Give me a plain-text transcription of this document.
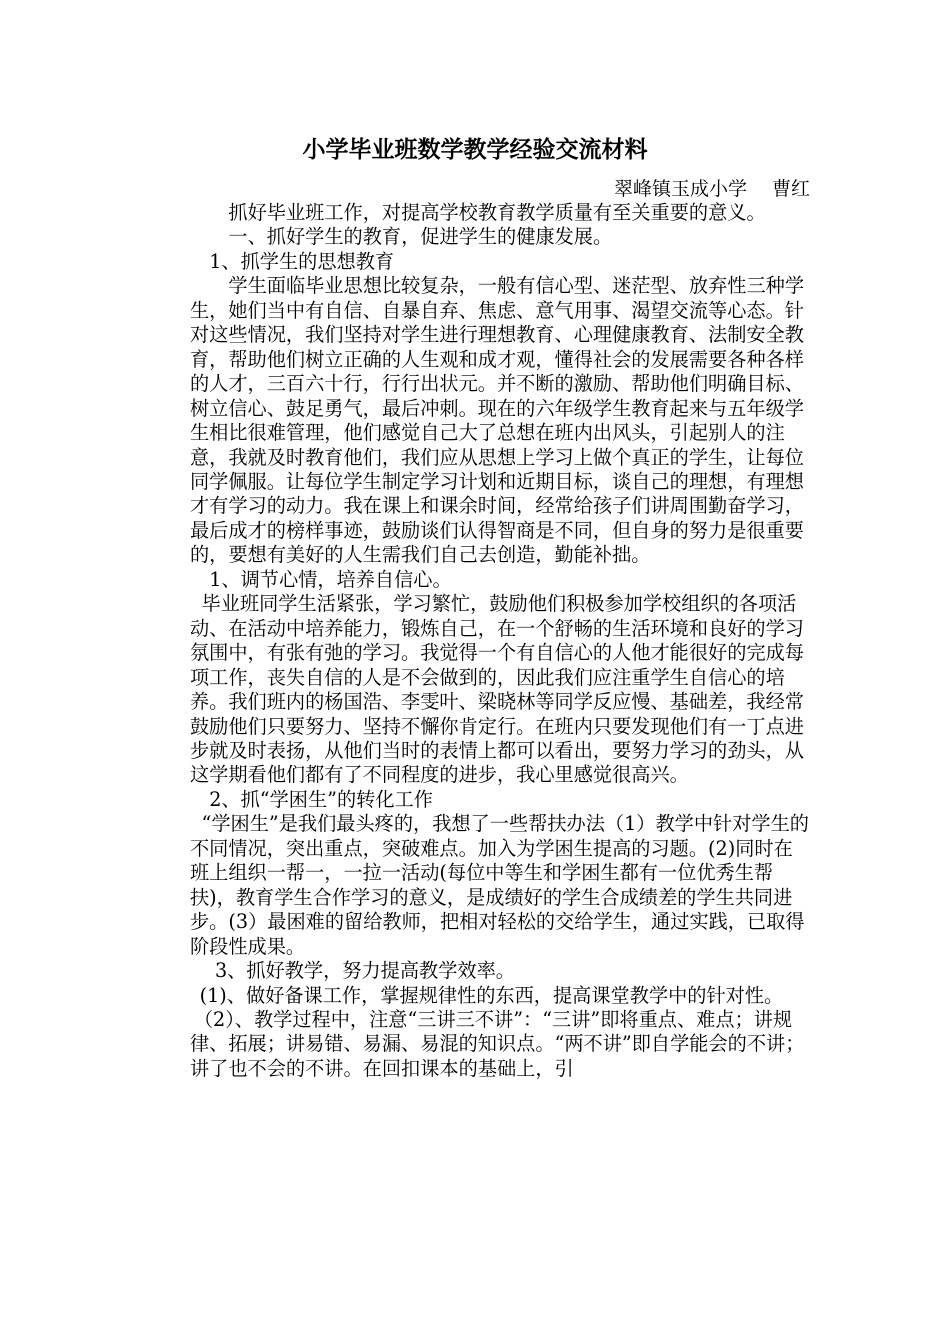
小学毕业班数学教学经验交流材料
翠峰镇玉成小学　 曹红

抓好毕业班工作，对提高学校教育教学质量有至关重要的意义。

一、抓好学生的教育，促进学生的健康发展。

1、抓学生的思想教育

学生面临毕业思想比较复杂，一般有信心型、迷茫型、放弃性三种学生，她们当中有自信、自暴自弃、焦虑、意气用事、渴望交流等心态。针对这些情况，我们坚持对学生进行理想教育、心理健康教育、法制安全教育，帮助他们树立正确的人生观和成才观，懂得社会的发展需要各种各样的人才，三百六十行，行行出状元。并不断的激励、帮助他们明确目标、树立信心、鼓足勇气，最后冲刺。现在的六年级学生教育起来与五年级学生相比很难管理，他们感觉自己大了总想在班内出风头，引起别人的注意，我就及时教育他们，我们应从思想上学习上做个真正的学生，让每位同学佩服。让每位学生制定学习计划和近期目标，谈自己的理想，有理想才有学习的动力。我在课上和课余时间，经常给孩子们讲周围勤奋学习，最后成才的榜样事迹，鼓励谈们认得智商是不同，但自身的努力是很重要的，要想有美好的人生需我们自己去创造，勤能补拙。

1、调节心情，培养自信心。

毕业班同学生活紧张，学习繁忙，鼓励他们积极参加学校组织的各项活动、在活动中培养能力，锻炼自己，在一个舒畅的生活环境和良好的学习氛围中，有张有弛的学习。我觉得一个有自信心的人他才能很好的完成每项工作，丧失自信的人是不会做到的，因此我们应注重学生自信心的培养。我们班内的杨国浩、李雯叶、梁晓林等同学反应慢、基础差，我经常鼓励他们只要努力、坚持不懈你肯定行。在班内只要发现他们有一丁点进步就及时表扬，从他们当时的表情上都可以看出，要努力学习的劲头，从这学期看他们都有了不同程度的进步，我心里感觉很高兴。

2、抓“学困生”的转化工作

“学困生”是我们最头疼的，我想了一些帮扶办法（1）教学中针对学生的不同情况，突出重点，突破难点。加入为学困生提高的习题。(2)同时在班上组织一帮一，一拉一活动(每位中等生和学困生都有一位优秀生帮扶)，教育学生合作学习的意义，是成绩好的学生合成绩差的学生共同进步。(3）最困难的留给教师，把相对轻松的交给学生，通过实践，已取得阶段性成果。

3、抓好教学，努力提高教学效率。

(1)、做好备课工作，掌握规律性的东西，提高课堂教学中的针对性。

（2）、教学过程中，注意“三讲三不讲”：“三讲”即将重点、难点；讲规律、拓展；讲易错、易漏、易混的知识点。“两不讲”即自学能会的不讲；讲了也不会的不讲。在回扣课本的基础上，引
